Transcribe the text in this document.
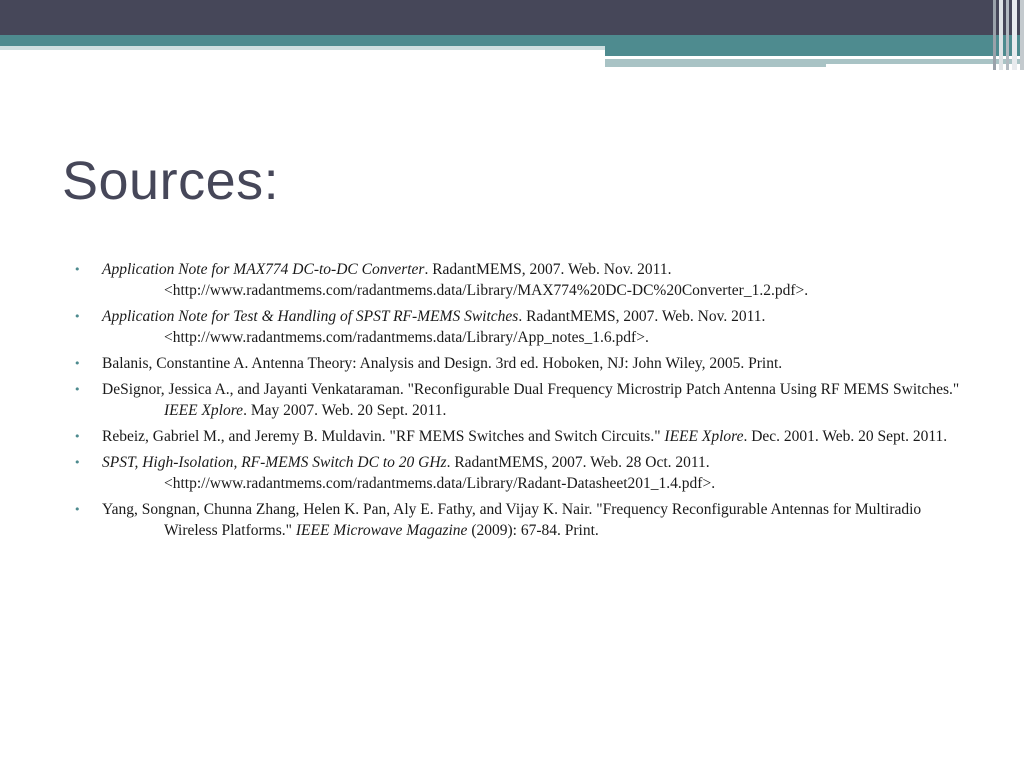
Sources:
• Application Note for MAX774 DC-to-DC Converter. RadantMEMS, 2007. Web. Nov. 2011. <http://www.radantmems.com/radantmems.data/Library/MAX774%20DC-DC%20Converter_1.2.pdf>.
• Application Note for Test & Handling of SPST RF-MEMS Switches. RadantMEMS, 2007. Web. Nov. 2011. <http://www.radantmems.com/radantmems.data/Library/App_notes_1.6.pdf>.
• Balanis, Constantine A. Antenna Theory: Analysis and Design. 3rd ed. Hoboken, NJ: John Wiley, 2005. Print.
• DeSignor, Jessica A., and Jayanti Venkataraman. "Reconfigurable Dual Frequency Microstrip Patch Antenna Using RF MEMS Switches." IEEE Xplore. May 2007. Web. 20 Sept. 2011.
• Rebeiz, Gabriel M., and Jeremy B. Muldavin. "RF MEMS Switches and Switch Circuits." IEEE Xplore. Dec. 2001. Web. 20 Sept. 2011.
• SPST, High-Isolation, RF-MEMS Switch DC to 20 GHz. RadantMEMS, 2007. Web. 28 Oct. 2011. <http://www.radantmems.com/radantmems.data/Library/Radant-Datasheet201_1.4.pdf>.
• Yang, Songnan, Chunna Zhang, Helen K. Pan, Aly E. Fathy, and Vijay K. Nair. "Frequency Reconfigurable Antennas for Multiradio Wireless Platforms." IEEE Microwave Magazine (2009): 67-84. Print.
